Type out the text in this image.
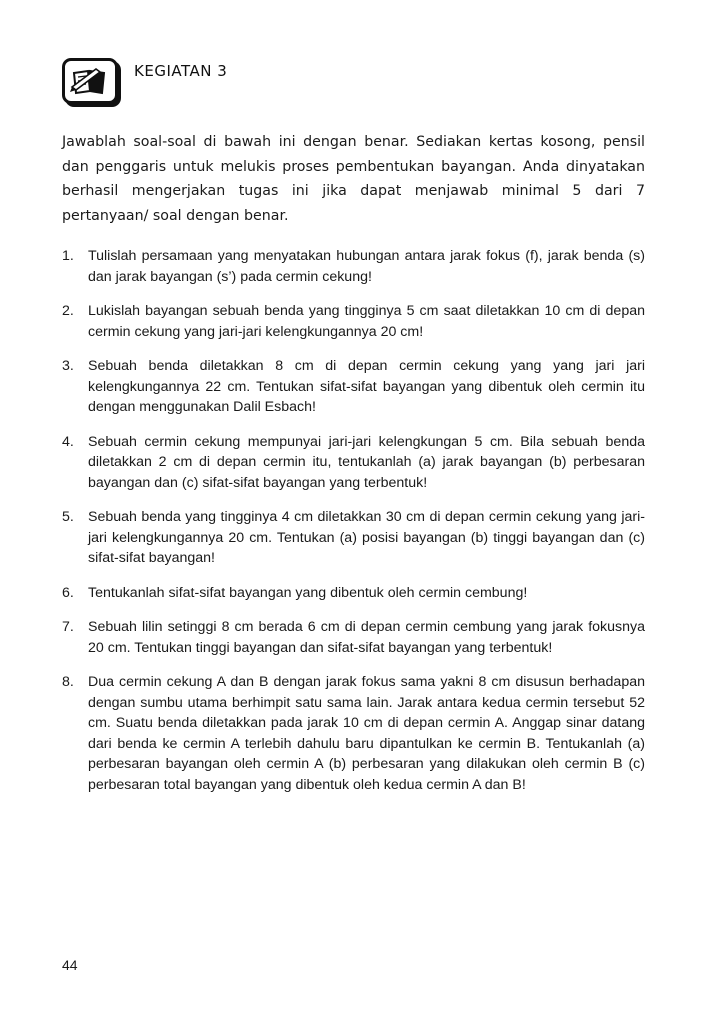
KEGIATAN 3
Jawablah soal-soal di bawah ini dengan benar. Sediakan kertas kosong, pensil dan penggaris untuk melukis proses pembentukan bayangan. Anda dinyatakan berhasil mengerjakan tugas ini jika dapat menjawab minimal 5 dari 7 pertanyaan/ soal dengan benar.
1. Tulislah persamaan yang menyatakan hubungan antara jarak fokus (f), jarak benda (s) dan jarak bayangan (s’) pada cermin cekung!
2. Lukislah bayangan sebuah benda yang tingginya 5 cm saat diletakkan 10 cm di depan cermin cekung yang jari-jari kelengkungannya 20 cm!
3. Sebuah benda diletakkan 8 cm di depan cermin cekung yang yang jari jari kelengkungannya 22 cm. Tentukan sifat-sifat bayangan yang dibentuk oleh cermin itu dengan menggunakan Dalil Esbach!
4. Sebuah cermin cekung mempunyai jari-jari kelengkungan 5 cm. Bila sebuah benda diletakkan 2 cm di depan cermin itu, tentukanlah (a) jarak bayangan (b) perbesaran bayangan dan (c) sifat-sifat bayangan yang terbentuk!
5. Sebuah benda yang tingginya 4 cm diletakkan 30 cm di depan cermin cekung yang jari-jari kelengkungannya 20 cm. Tentukan (a) posisi bayangan (b) tinggi bayangan dan (c) sifat-sifat bayangan!
6. Tentukanlah sifat-sifat bayangan yang dibentuk oleh cermin cembung!
7. Sebuah lilin setinggi 8 cm berada 6 cm di depan cermin cembung yang jarak fokusnya 20 cm. Tentukan tinggi bayangan dan sifat-sifat bayangan yang terbentuk!
8. Dua cermin cekung A dan B dengan jarak fokus sama yakni 8 cm disusun berhadapan dengan sumbu utama berhimpit satu sama lain. Jarak antara kedua cermin tersebut 52 cm. Suatu benda diletakkan pada jarak 10 cm di depan cermin A. Anggap sinar datang dari benda ke cermin A terlebih dahulu baru dipantulkan ke cermin B. Tentukanlah (a) perbesaran bayangan oleh cermin A (b) perbesaran yang dilakukan oleh cermin B (c) perbesaran total bayangan yang dibentuk oleh kedua cermin A dan B!
44
